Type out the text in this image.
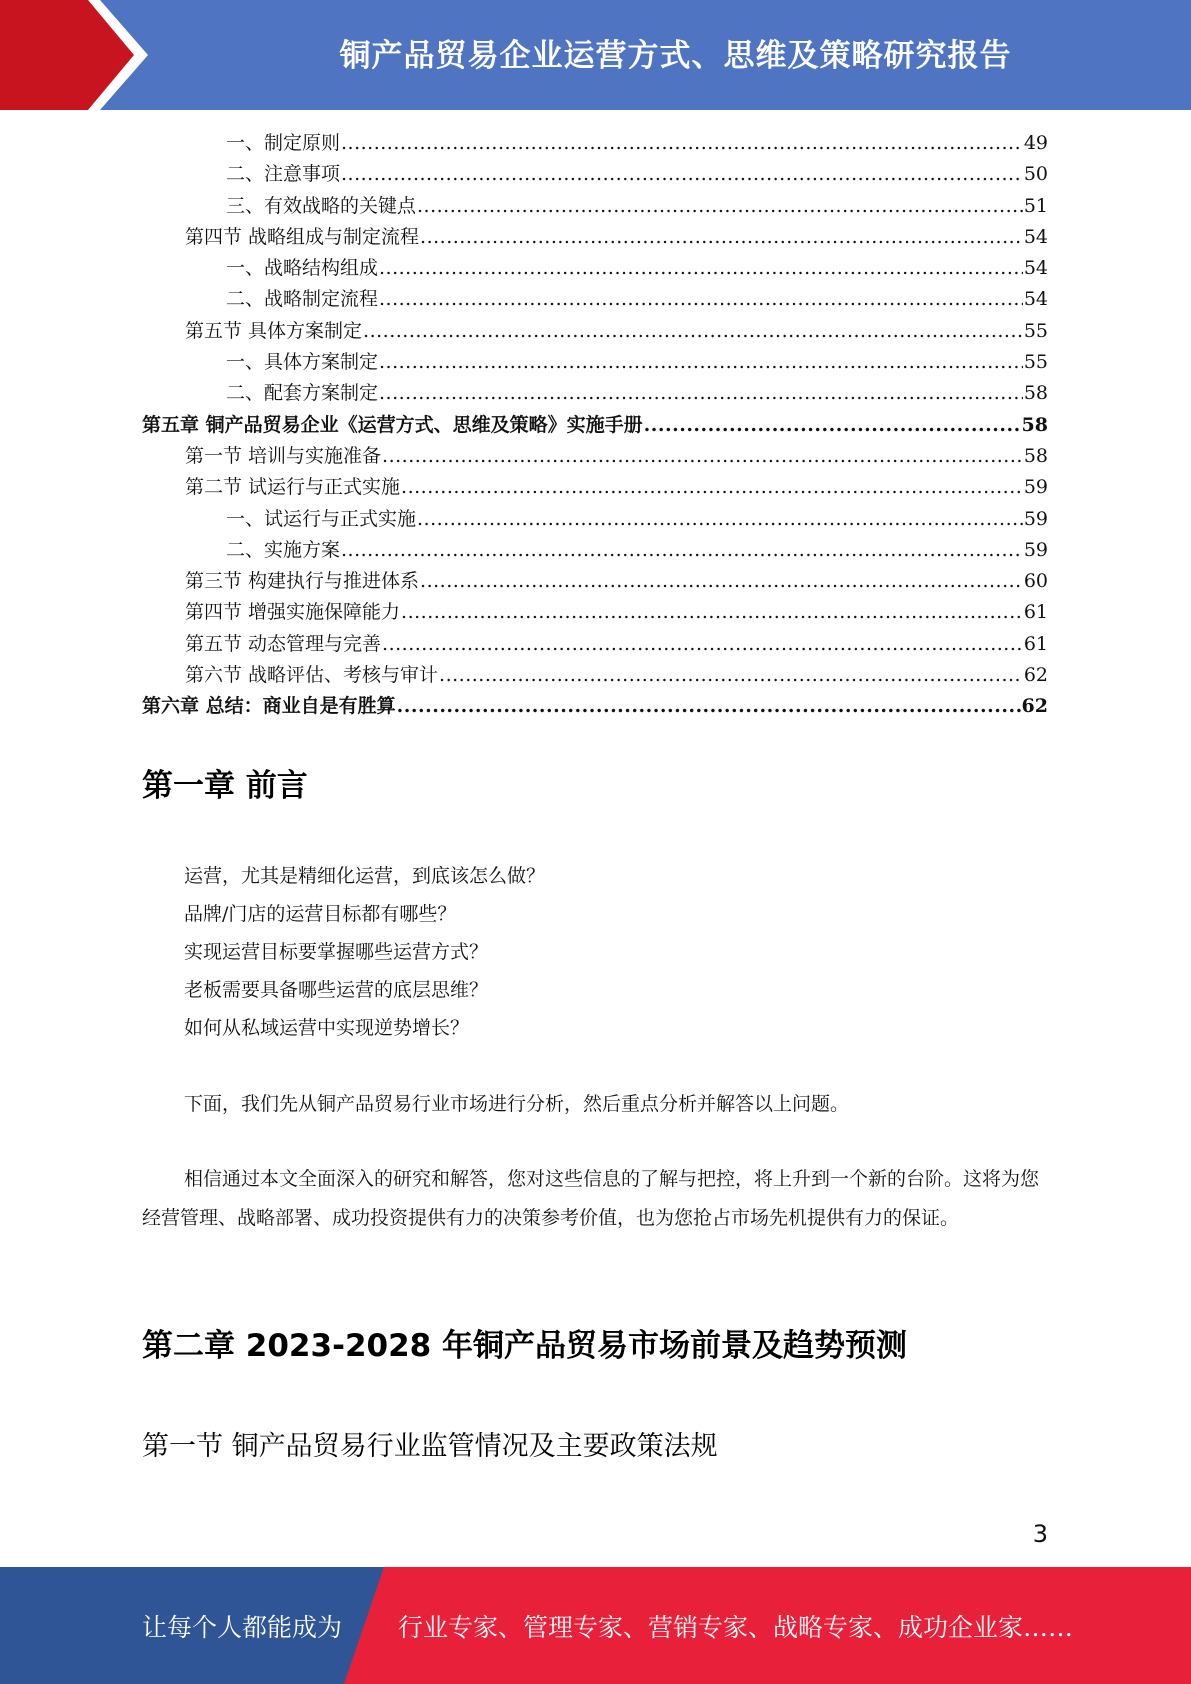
铜产品贸易企业运营方式、思维及策略研究报告
一、制定原则 .....	49
二、注意事项 .....	50
三、有效战略的关键点 .....	51
第四节 战略组成与制定流程 .....	54
一、战略结构组成 .....	54
二、战略制定流程 .....	54
第五节 具体方案制定 .....	55
一、具体方案制定 .....	55
二、配套方案制定 .....	58
第五章 铜产品贸易企业《运营方式、思维及策略》实施手册 .....	58
第一节 培训与实施准备 .....	58
第二节 试运行与正式实施 .....	59
一、试运行与正式实施 .....	59
二、实施方案 .....	59
第三节 构建执行与推进体系 .....	60
第四节 增强实施保障能力 .....	61
第五节 动态管理与完善 .....	61
第六节 战略评估、考核与审计 .....	62
第六章 总结：商业自是有胜算 .....	62
第一章 前言
运营，尤其是精细化运营，到底该怎么做？
品牌/门店的运营目标都有哪些？
实现运营目标要掌握哪些运营方式？
老板需要具备哪些运营的底层思维？
如何从私域运营中实现逆势增长？
下面，我们先从铜产品贸易行业市场进行分析，然后重点分析并解答以上问题。
相信通过本文全面深入的研究和解答，您对这些信息的了解与把控，将上升到一个新的台阶。这将为您经营管理、战略部署、成功投资提供有力的决策参考价值，也为您抢占市场先机提供有力的保证。
第二章 2023-2028 年铜产品贸易市场前景及趋势预测
第一节 铜产品贸易行业监管情况及主要政策法规
3
让每个人都能成为 行业专家、管理专家、营销专家、战略专家、成功企业家……
